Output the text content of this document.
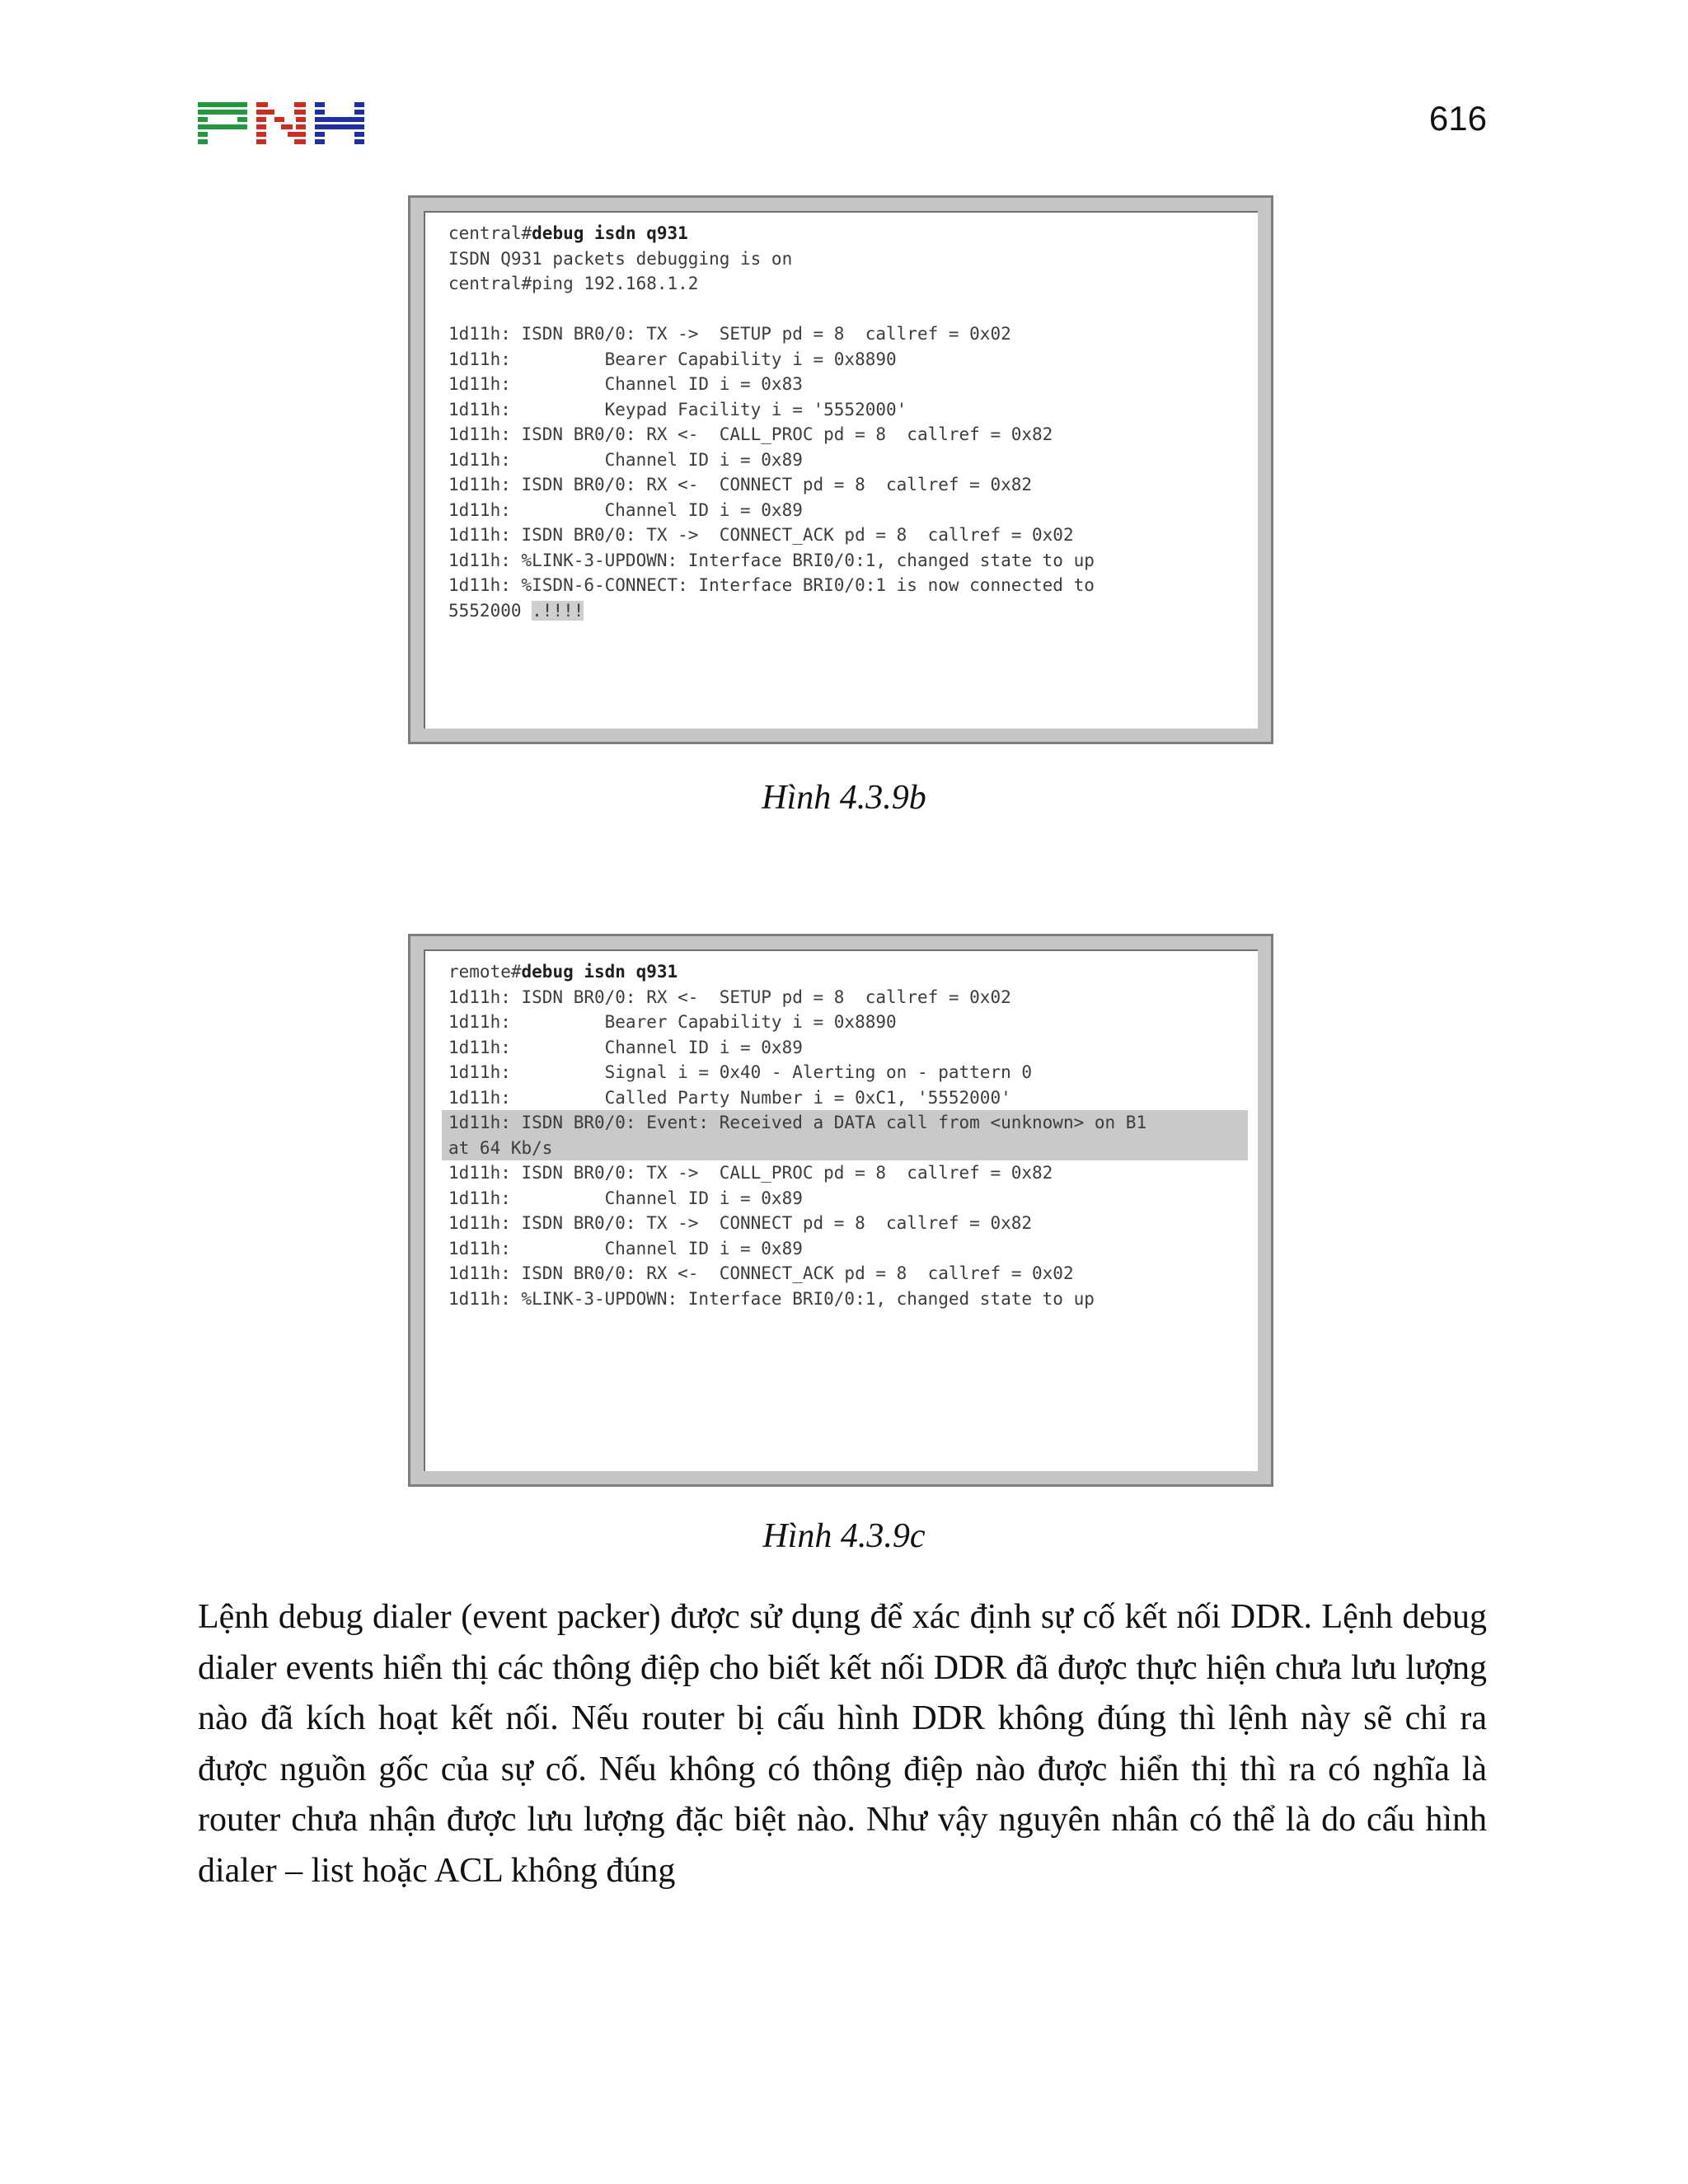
616
central#debug isdn q931
ISDN Q931 packets debugging is on
central#ping 192.168.1.2
1d11h: ISDN BR0/0: TX ->  SETUP pd = 8  callref = 0x02
1d11h:         Bearer Capability i = 0x8890
1d11h:         Channel ID i = 0x83
1d11h:         Keypad Facility i = '5552000'
1d11h: ISDN BR0/0: RX <-  CALL_PROC pd = 8  callref = 0x82
1d11h:         Channel ID i = 0x89
1d11h: ISDN BR0/0: RX <-  CONNECT pd = 8  callref = 0x82
1d11h:         Channel ID i = 0x89
1d11h: ISDN BR0/0: TX ->  CONNECT_ACK pd = 8  callref = 0x02
1d11h: %LINK-3-UPDOWN: Interface BRI0/0:1, changed state to up
1d11h: %ISDN-6-CONNECT: Interface BRI0/0:1 is now connected to
5552000 .!!!!
Hình 4.3.9b
remote#debug isdn q931
1d11h: ISDN BR0/0: RX <-  SETUP pd = 8  callref = 0x02
1d11h:         Bearer Capability i = 0x8890
1d11h:         Channel ID i = 0x89
1d11h:         Signal i = 0x40 - Alerting on - pattern 0
1d11h:         Called Party Number i = 0xC1, '5552000'
1d11h: ISDN BR0/0: Event: Received a DATA call from <unknown> on B1
at 64 Kb/s
1d11h: ISDN BR0/0: TX ->  CALL_PROC pd = 8  callref = 0x82
1d11h:         Channel ID i = 0x89
1d11h: ISDN BR0/0: TX ->  CONNECT pd = 8  callref = 0x82
1d11h:         Channel ID i = 0x89
1d11h: ISDN BR0/0: RX <-  CONNECT_ACK pd = 8  callref = 0x02
1d11h: %LINK-3-UPDOWN: Interface BRI0/0:1, changed state to up
Hình 4.3.9c
Lệnh debug dialer (event packer) được sử dụng để xác định sự cố kết nối DDR. Lệnh debug dialer events hiển thị các thông điệp cho biết kết nối DDR đã được thực hiện chưa lưu lượng nào đã kích hoạt kết nối. Nếu router bị cấu hình DDR không đúng thì lệnh này sẽ chỉ ra được nguồn gốc của sự cố. Nếu không có thông điệp nào được hiển thị thì ra có nghĩa là router chưa nhận được lưu lượng đặc biệt nào. Như vậy nguyên nhân có thể là do cấu hình dialer – list hoặc ACL không đúng
